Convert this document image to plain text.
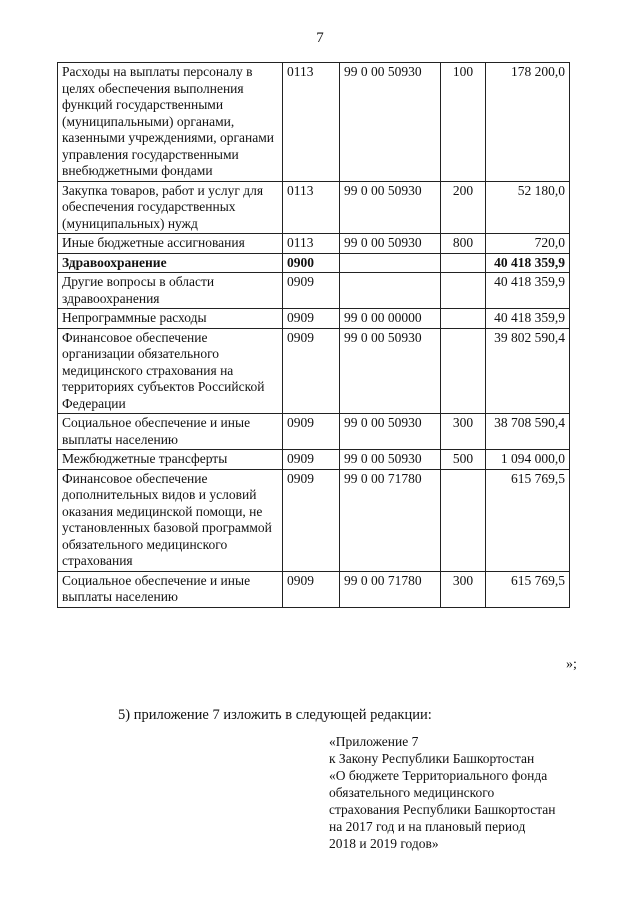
7
Расходы на выплаты персоналу в целях обеспечения выполнения функций государственными (муниципальными) органами, казенными учреждениями, органами управления государственными внебюджетными фондами	0113	99 0 00 50930	100	178 200,0
Закупка товаров, работ и услуг для обеспечения государственных (муниципальных) нужд	0113	99 0 00 50930	200	52 180,0
Иные бюджетные ассигнования	0113	99 0 00 50930	800	720,0
Здравоохранение	0900			40 418 359,9
Другие вопросы в области здравоохранения	0909			40 418 359,9
Непрограммные расходы	0909	99 0 00 00000		40 418 359,9
Финансовое обеспечение организации обязательного медицинского страхования на территориях субъектов Российской Федерации	0909	99 0 00 50930		39 802 590,4
Социальное обеспечение и иные выплаты населению	0909	99 0 00 50930	300	38 708 590,4
Межбюджетные трансферты	0909	99 0 00 50930	500	1 094 000,0
Финансовое обеспечение дополнительных видов и условий оказания медицинской помощи, не установленных базовой программой обязательного медицинского страхования	0909	99 0 00 71780		615 769,5
Социальное обеспечение и иные выплаты населению	0909	99 0 00 71780	300	615 769,5
»;
5) приложение 7 изложить в следующей редакции:
«Приложение 7
к Закону Республики Башкортостан
«О бюджете Территориального фонда
обязательного медицинского
страхования Республики Башкортостан
на 2017 год и на плановый период
2018 и 2019 годов»
